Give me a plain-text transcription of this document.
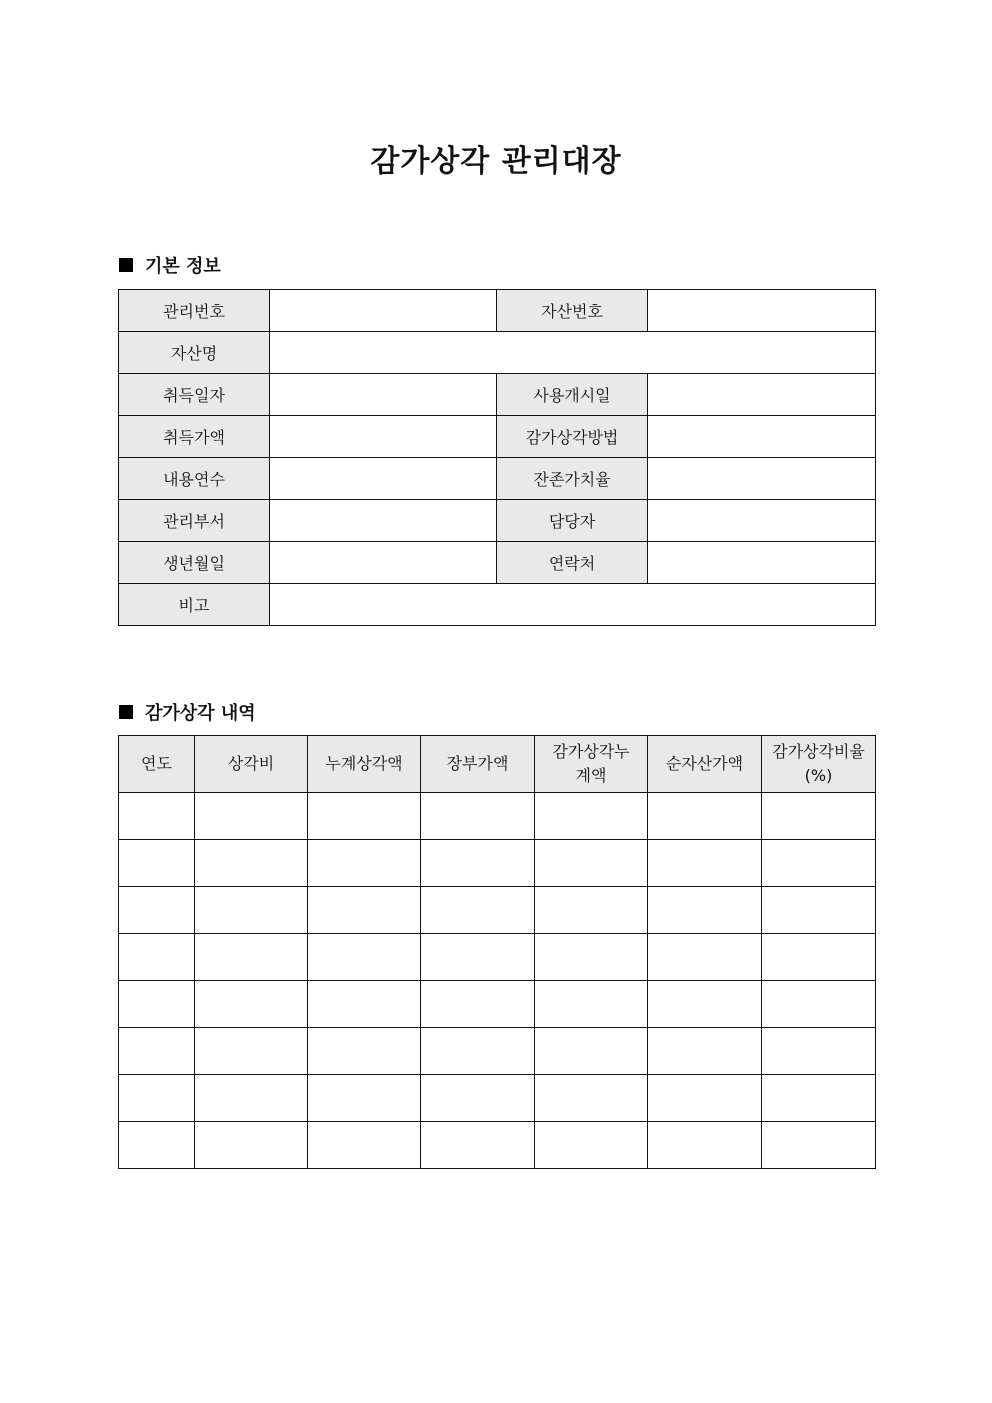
감가상각 관리대장
기본 정보
관리번호		자산번호	
자산명			
취득일자		사용개시일	
취득가액		감가상각방법	
내용연수		잔존가치율	
관리부서		담당자	
생년월일		연락처	
비고			
감가상각 내역
연도	상각비	누계상각액	장부가액	감가상각누계액	순자산가액	감가상각비율(%)
